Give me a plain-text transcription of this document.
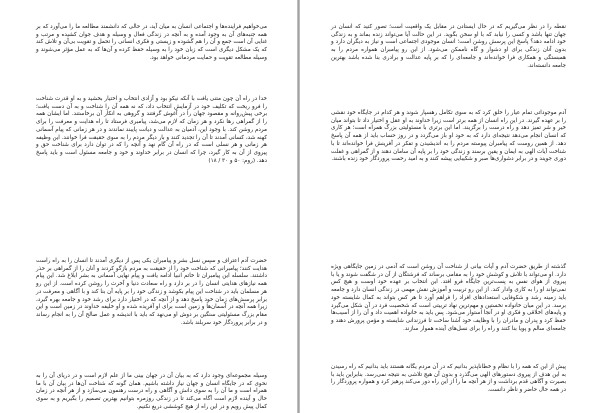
می‌خواهیم فرا‌ینده‌ها و اجتماعی انسان به میان آید، در حالی که دانشمند مطالعه ما را می‌آورد که بر همه جنبه‌های آن به وجود آمده و به آنچه در زندگی فعال و وسیله و هدف جوان کشیده و مرتب و غنایی آن است جمع و آن را هم گشوده و زیستی و فکری انسانی را تحمل و تقویت بی‌آن و تلاش کند که یک مشکل دیگری است که زبان خود را به وسیله حفظ کرده و آن‌ها که به عمل مؤثر می‌شوند و وسیله مطالعه تقویت و حمایت مردمانی خواهد بود.

خدا در راه آن چون متنی یافت با آنکه نیکو بود و آزادی انتخاب و اختیار بخشید و به او قدرت شناخت را فرو ریخت که تکلیف خود در آزمایش انتخاب داد، که نه همه آن را شناخت و به آن دست یافت؛ برخی پیش‌روانه و مقصود جهان را در آغوش گرفتند و گروهی به انکار آن برخاستند. اما ایشان همه را از گمراهی رها نکرد و هر زمان که لازم می‌شد، پیامبری فرستاد تا راه هدایت و معرفت را برای مردم روشن کند. با وجود این، آدمیان به عدالت و دیانت پایبند نماندند و در هر زمانی که پیام آسمانی کهنه شد، کسانی آمدند تا آن را تجدید کنند و بار دیگر مردم را به سوی حقیقت فرا خوانند. این وظیفه هر زمانی و هر نسلی است که در راه آن گام نهد و آنچه را که در توان دارد برای شناخت حق و پیروی از آن به کار گیرد، چرا که انسان در برابر خداوند و خود و جامعه مسئول است و باید پاسخ دهد. (روم: ۵۰ و ۳۰ / ۱۸)

حضرت آدم اعتراف و سپس نسل بشر و پیامبران یکی پس از دیگری آمدند تا انسان را به راه راست هدایت کنند؛ پیامبرانی که شناخت خود را از حقیقت به مردم بازگو کردند و آنان را از گمراهی بر حذر داشتند. سلسله این پیامبران تا خاتم انبیا ادامه یافت و پیام نهایی آسمانی به بشر ابلاغ شد. این پیام همه نیازهای هدایتی انسان را در بر دارد و راه سعادت دنیا و آخرت را روشن کرده است. از این رو هر مسلمان باید در شناخت این پیام بکوشد و زندگی خود را بر پایه آن بنا کند و با آگاهی و معرفت در برابر پرسش‌های زمان خود پاسخ دهد و از آنچه که در اختیار دارد برای رشد خود و جامعه بهره گیرد، زیرا همه آنچه در آسمان‌ها و زمین است برای او آفریده شده و او خلیفه خداوند در زمین است و این مقام بزرگ مسئولیتی سنگین بر دوش او می‌نهد که باید با اندیشه و عمل صالح آن را به انجام رساند و در برابر پروردگار خود سربلند باشد.

وسیله مجموعه‌ای وجود دارد که به بیان آن در جهان بینی ما از علم لازم است و در دریای آن را به نحوی که در جایگاه انسان و جهان نیاز داشته باشیم. همان گونه که شناخت آن‌ها در بیان آن با ما همراه است و ما آن را به سوی دانش و آگاهی و راه درست رهنمون می‌سازد و از هر آنچه در زمان حال و آینده لازم است آگاه می‌کند تا در زندگی روزمره بتوانیم بهترین تصمیم را بگیریم و به سوی کمال پیش رویم و در این راه از هیچ کوششی دریغ نکنیم.

نقطه را در نظر می‌گیریم که در حال ایستادن در مقابل یک واقعیت است؛ تصور کنید که انسان در جهان تنها باشد و کسی را نیابد که با او سخن بگوید. در این حالت آیا می‌تواند زنده بماند و به زندگی خود ادامه دهد؟ پاسخ این پرسش روشن است؛ انسان موجودی اجتماعی است و نیاز به دیگران دارد و بدون آنان زندگی برای او دشوار و گاه ناممکن می‌شود. از این رو پیامبران همواره مردم را به همبستگی و همکاری فرا خوانده‌اند و جامعه‌ای را که بر پایه عدالت و برادری بنا شده باشد بهترین جامعه دانسته‌اند.

آدم موجوداتی تمام عیار را خلق کرد که به سوی تکامل رهسپار شوند و هر کدام در جایگاه خود نقشی را بر عهده گیرند. در این راه انسان از همه برتر است زیرا خداوند به او عقل و اختیار داد تا بتواند میان خیر و شر تمیز دهد و راه درست را برگزیند. اما این برتری با مسئولیتی بزرگ همراه است؛ هر کاری که انسان انجام می‌دهد نتیجه‌ای دارد که به خود او باز می‌گردد و در روز حساب باید از همه آن پاسخ دهد. از همین روست که پیامبران پیوسته مردم را به اندیشیدن و تفکر در آفرینش فرا خوانده‌اند تا با شناخت آیات الهی به ایمان و یقین برسند و زندگی خود را بر پایه آن سامان دهند و از گمراهی و غفلت دوری جویند و در برابر دشواری‌ها صبر و شکیبایی پیشه کنند و به امید رحمت پروردگار خود زنده باشند.

گذشته از طریق حضرت آدم و آیات بیانی از شناخت آن روشن است که آدمی در زمین جایگاهی ویژه دارد. او می‌تواند با تلاش و کوشش خود را به مقامی برساند که فرشتگان از آن در شگفت شوند و یا با پیروی از هوای نفس به پست‌ترین جایگاه فرو افتد. این انتخاب بر عهده خود اوست و هیچ کس نمی‌تواند او را به کاری وادار کند. از این رو تربیت و آموزش نقش مهمی در زندگی انسان دارد و جامعه باید زمینه رشد و شکوفایی استعدادهای افراد را فراهم آورد تا هر کس بتواند به کمال شایسته خود برسد. در این میان خانواده نخستین و مهم‌ترین نهاد تربیتی است که شخصیت فرد در آن شکل می‌گیرد و پایه‌های اخلاقی و فکری او در آنجا استوار می‌شود. پس باید به خانواده اهمیت داد و آن را از آسیب‌ها حفظ کرد و پدران و مادران را با وظایف خود آشنا ساخت تا فرزندانی شایسته و مؤمن پرورش دهند و جامعه‌ای سالم و پویا بنا کنند و راه را برای نسل‌های آینده هموار سازند.

پیش از این که همه را با نظام و خطاناپذیر بدانیم که در آن مردم یگانه هستند باید بدانیم که راه رسیدن به این هدف از پیروی دستورهای الهی می‌گذرد و بدون آن هیچ تلاشی به نتیجه نمی‌رسد. بنابراین باید با بصیرت و آگاهی قدم برداشت و از هر آنچه ما را از این راه دور می‌کند پرهیز کرد و همواره پروردگار را در همه حال حاضر و ناظر دانست.
